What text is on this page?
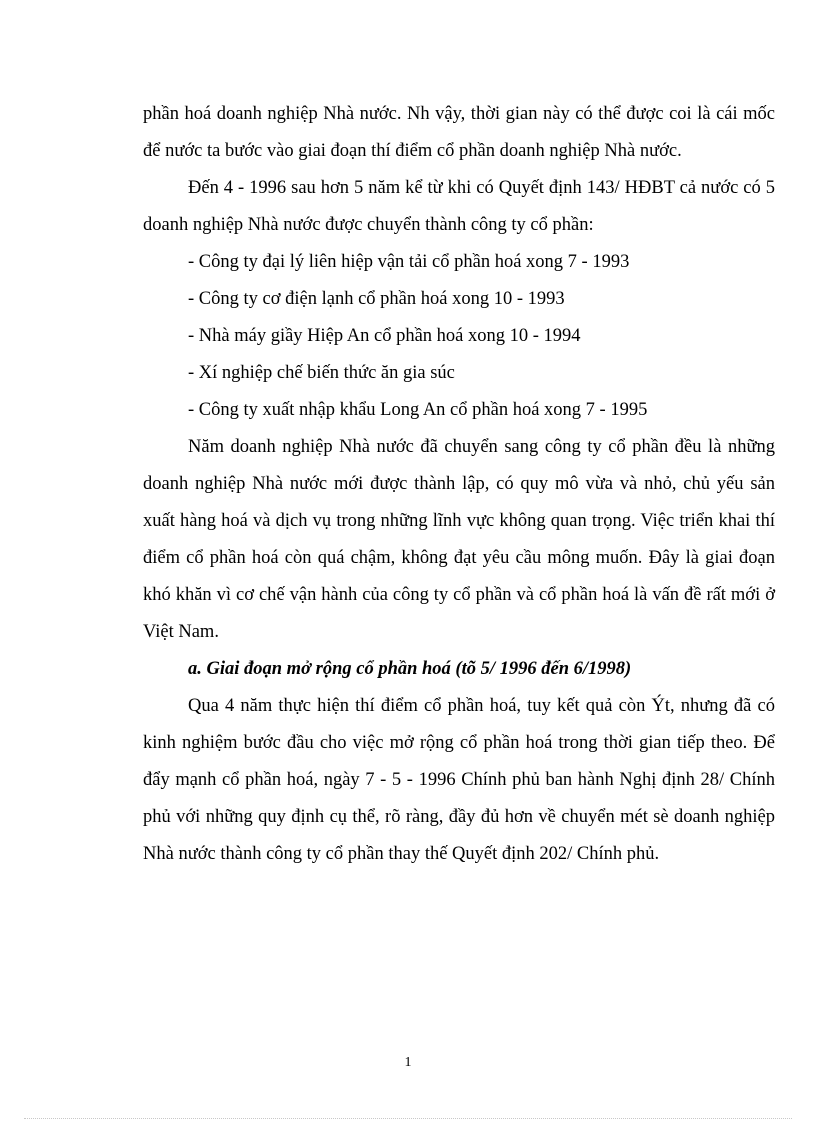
phần hoá doanh nghiệp Nhà nước. Nh vậy, thời gian này có thể được coi là cái mốc để nước ta bước vào giai đoạn thí điểm cổ phần doanh nghiệp Nhà nước.

Đến 4 - 1996 sau hơn 5 năm kể từ khi có Quyết định 143/ HĐBT cả nước có 5 doanh nghiệp Nhà nước được chuyển thành công ty cổ phần:

- Công ty đại lý liên hiệp vận tải cổ phần hoá xong 7 - 1993

- Công ty cơ điện lạnh cổ phần hoá xong 10 - 1993

- Nhà máy giầy Hiệp An cổ phần hoá xong 10 - 1994

- Xí nghiệp chế biến thức ăn gia súc

- Công ty xuất nhập khẩu Long An cổ phần hoá xong 7 - 1995

Năm doanh nghiệp Nhà nước đã chuyển sang công ty cổ phần đều là những doanh nghiệp Nhà nước mới được thành lập, có quy mô vừa và nhỏ, chủ yếu sản xuất hàng hoá và dịch vụ trong những lĩnh vực không quan trọng. Việc triển khai thí điểm cổ phần hoá còn quá chậm, không đạt yêu cầu mông muốn. Đây là giai đoạn khó khăn vì cơ chế vận hành của công ty cổ phần và cổ phần hoá là vấn đề rất mới ở Việt Nam.

a. Giai đoạn mở rộng cổ phần hoá (tõ 5/ 1996 đến 6/1998)

Qua 4 năm thực hiện thí điểm cổ phần hoá, tuy kết quả còn Ýt, nhưng đã có kinh nghiệm bước đầu cho việc mở rộng cổ phần hoá trong thời gian tiếp theo. Để đẩy mạnh cổ phần hoá, ngày 7 - 5 - 1996 Chính phủ ban hành Nghị định 28/ Chính phủ với những quy định cụ thể, rõ ràng, đầy đủ hơn về chuyển mét sè doanh nghiệp Nhà nước thành công ty cổ phần thay thế Quyết định 202/ Chính phủ.

1
